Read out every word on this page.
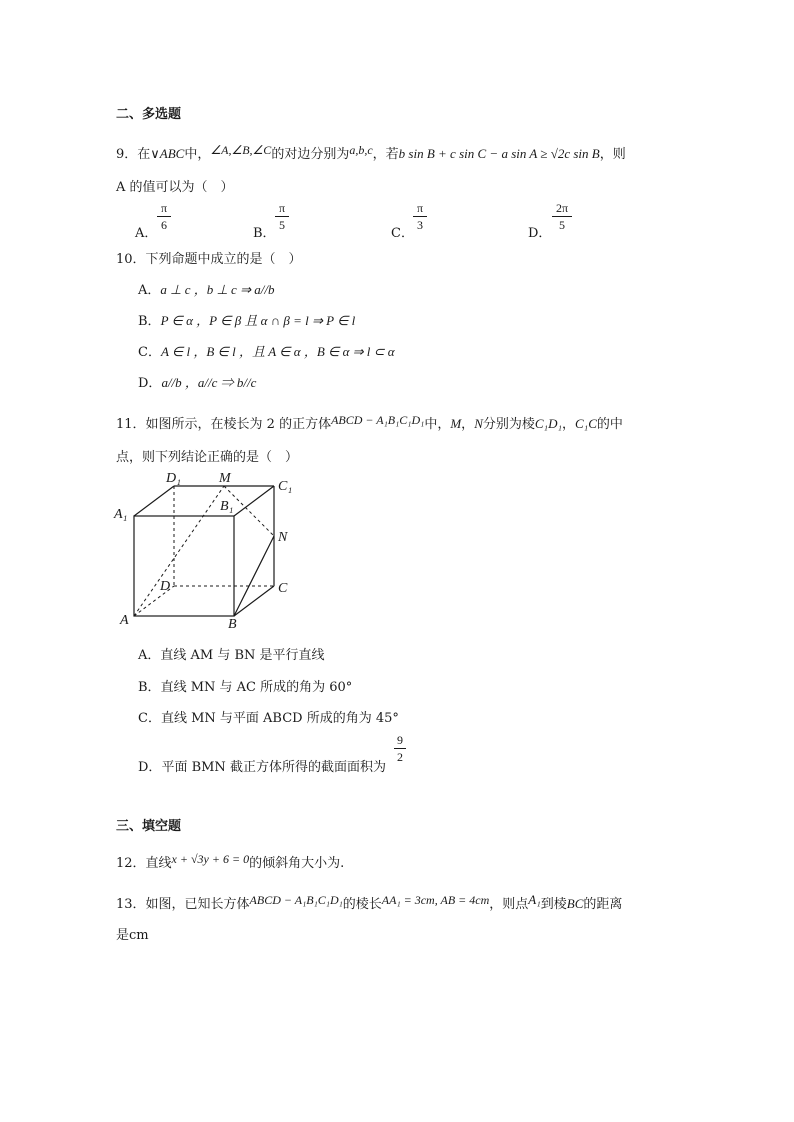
二、多选题
9．在∨ABC中，∠A,∠B,∠C的对边分别为a,b,c，若b sin B + c sin C − a sin A ≥ √2c sin B，则
A 的值可以为（　）
A．
π
6
B．
π
5
C．
π
3
D．
2π
5
10．下列命题中成立的是（　）
A．a ⊥ c ，b ⊥ c ⇒ a//b
B．P ∈ α ，P ∈ β 且 α ∩ β = l ⇒ P ∈ l
C．A ∈ l ，B ∈ l ，且 A ∈ α ，B ∈ α ⇒ l ⊂ α
D．a//b ，a//c ⇒ b//c
11．如图所示，在棱长为 2 的正方体ABCD − A₁B₁C₁D₁中，M，N分别为棱C₁D₁，C₁C的中
点，则下列结论正确的是（　）
D₁	M
C₁
A₁
B₁
N
D	C
A	B
A．直线 AM 与 BN 是平行直线
B．直线 MN 与 AC 所成的角为 60°
C．直线 MN 与平面 ABCD 所成的角为 45°
D．平面 BMN 截正方体所得的截面面积为
9
2
三、填空题
12．直线x + √3y + 6 = 0的倾斜角大小为.
13．如图，已知长方体ABCD − A₁B₁C₁D₁的棱长AA₁ = 3cm, AB = 4cm，则点A₁到棱BC的距离
是cm
